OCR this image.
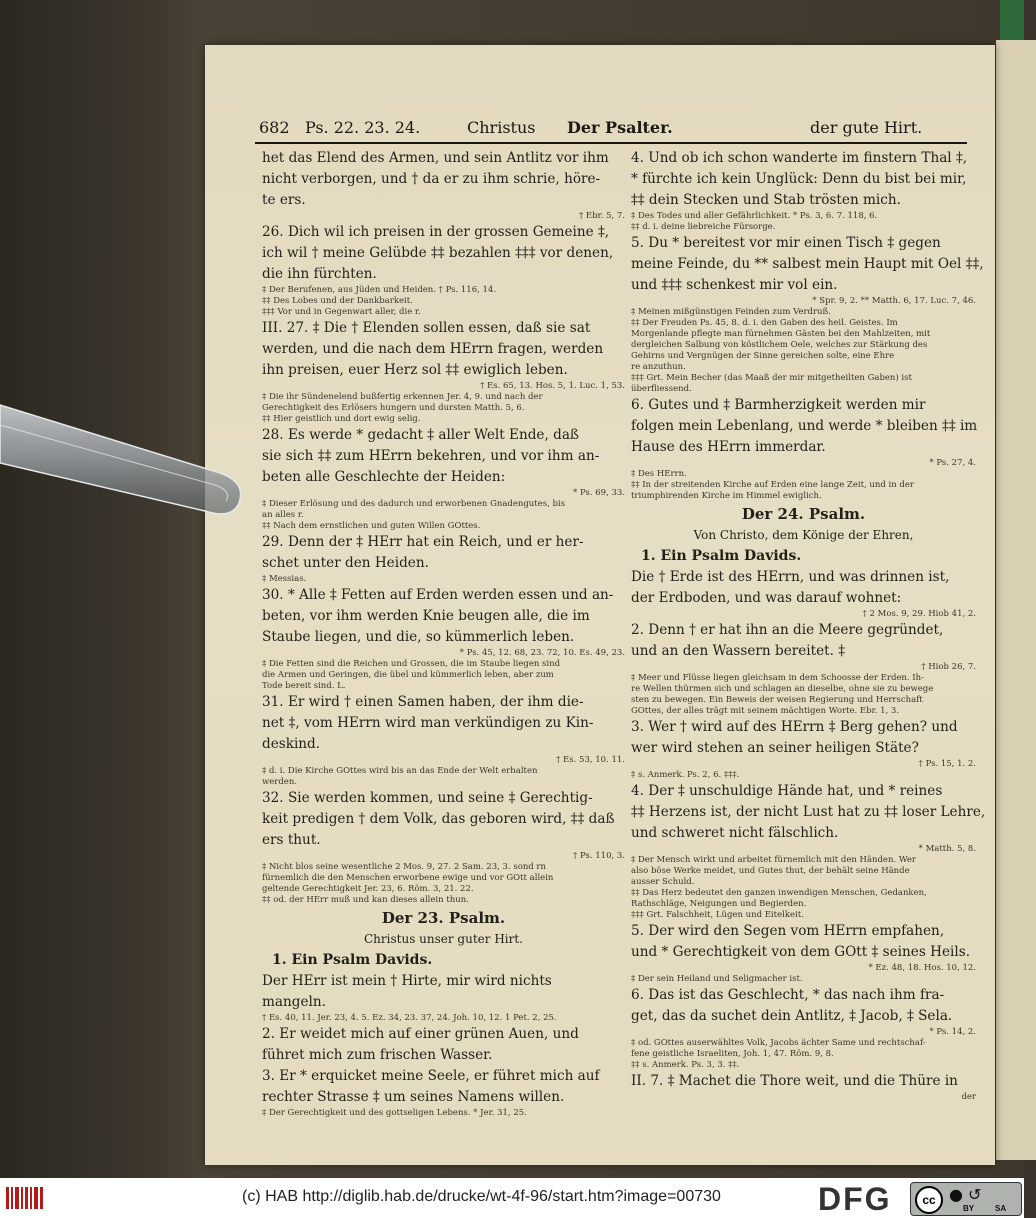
682 Ps. 22. 23. 24.	Christus Der Psalter.	der gute Hirt.
het das Elend des Armen, und sein Antlitz vor ihm
nicht verborgen, und † da er zu ihm schrie, höre-
te ers.
† Ebr. 5, 7.
26. Dich wil ich preisen in der grossen Gemeine ‡,
ich wil † meine Gelübde ‡‡ bezahlen ‡‡‡ vor denen,
die ihn fürchten.
‡ Der Berufenen, aus Jüden und Heiden. † Ps. 116, 14.
‡‡ Des Lobes und der Dankbarkeit.
‡‡‡ Vor und in Gegenwart aller, die r.
III. 27. ‡ Die † Elenden sollen essen, daß sie sat
werden, und die nach dem HErrn fragen, werden
ihn preisen, euer Herz sol ‡‡ ewiglich leben.
† Es. 65, 13. Hos. 5, 1. Luc. 1, 53.
‡ Die ihr Sündenelend bußfertig erkennen Jer. 4, 9. und nach der
Gerechtigkeit des Erlösers hungern und dursten Matth. 5, 6.
‡‡ Hier geistlich und dort ewig selig.
28. Es werde * gedacht ‡ aller Welt Ende, daß
sie sich ‡‡ zum HErrn bekehren, und vor ihm an-
beten alle Geschlechte der Heiden:
* Ps. 69, 33.
‡ Dieser Erlösung und des dadurch und erworbenen Gnadengutes, bis
an alles r.
‡‡ Nach dem ernstlichen und guten Willen GOttes.
29. Denn der ‡ HErr hat ein Reich, und er her-
schet unter den Heiden.
‡ Messias.
30. * Alle ‡ Fetten auf Erden werden essen und an-
beten, vor ihm werden Knie beugen alle, die im
Staube liegen, und die, so kümmerlich leben.
* Ps. 45, 12. 68, 23. 72, 10. Es. 49, 23.
‡ Die Fetten sind die Reichen und Grossen, die im Staube liegen sind
die Armen und Geringen, die übel und kümmerlich leben, aber zum
Tode bereit sind. L.
31. Er wird † einen Samen haben, der ihm die-
net ‡, vom HErrn wird man verkündigen zu Kin-
deskind.
† Es. 53, 10. 11.
‡ d. i. Die Kirche GOttes wird bis an das Ende der Welt erhalten
werden.
32. Sie werden kommen, und seine ‡ Gerechtig-
keit predigen † dem Volk, das geboren wird, ‡‡ daß
ers thut.
† Ps. 110, 3.
‡ Nicht blos seine wesentliche 2 Mos. 9, 27. 2 Sam. 23, 3. sond rn
fürnemlich die den Menschen erworbene ewige und vor GOtt allein
geltende Gerechtigkeit Jer. 23, 6. Röm. 3, 21. 22.
‡‡ od. der HErr muß und kan dieses allein thun.
Der 23. Psalm.
Christus unser guter Hirt.
1. Ein Psalm Davids.
Der HErr ist mein † Hirte, mir wird nichts
mangeln.
† Es. 40, 11. Jer. 23, 4. 5. Ez. 34, 23. 37, 24. Joh. 10, 12. 1 Pet. 2, 25.
2. Er weidet mich auf einer grünen Auen, und
führet mich zum frischen Wasser.
3. Er * erquicket meine Seele, er führet mich auf
rechter Strasse ‡ um seines Namens willen.
‡ Der Gerechtigkeit und des gottseligen Lebens. * Jer. 31, 25.
4. Und ob ich schon wanderte im finstern Thal ‡,
* fürchte ich kein Unglück: Denn du bist bei mir,
‡‡ dein Stecken und Stab trösten mich.
‡ Des Todes und aller Gefährlichkeit. * Ps. 3, 6. 7. 118, 6.
‡‡ d. i. deine liebreiche Fürsorge.
5. Du * bereitest vor mir einen Tisch ‡ gegen
meine Feinde, du ** salbest mein Haupt mit Oel ‡‡,
und ‡‡‡ schenkest mir vol ein.
* Spr. 9, 2. ** Matth. 6, 17. Luc. 7, 46.
‡ Meinen mißgünstigen Feinden zum Verdruß.
‡‡ Der Freuden Ps. 45, 8. d. i. den Gaben des heil. Geistes. Im
Morgenlande pflegte man fürnehmen Gästen bei den Mahlzeiten, mit
dergleichen Salbung von köstlichem Oele, welches zur Stärkung des
Gehirns und Vergnügen der Sinne gereichen solte, eine Ehre
re anzuthun.
‡‡‡ Grt. Mein Becher (das Maaß der mir mitgetheilten Gaben) ist
überfliessend.
6. Gutes und ‡ Barmherzigkeit werden mir
folgen mein Lebenlang, und werde * bleiben ‡‡ im
Hause des HErrn immerdar.
* Ps. 27, 4.
‡ Des HErrn.
‡‡ In der streitenden Kirche auf Erden eine lange Zeit, und in der
triumphirenden Kirche im Himmel ewiglich.
Der 24. Psalm.
Von Christo, dem Könige der Ehren,
1. Ein Psalm Davids.
Die † Erde ist des HErrn, und was drinnen ist,
der Erdboden, und was darauf wohnet:
† 2 Mos. 9, 29. Hiob 41, 2.
2. Denn † er hat ihn an die Meere gegründet,
und an den Wassern bereitet. ‡
† Hiob 26, 7.
‡ Meer und Flüsse liegen gleichsam in dem Schoosse der Erden. Ih-
re Wellen thürmen sich und schlagen an dieselbe, ohne sie zu bewege
sten zu bewegen. Ein Beweis der weisen Regierung und Herrschaft
GOttes, der alles trägt mit seinem mächtigen Worte. Ebr. 1, 3.
3. Wer † wird auf des HErrn ‡ Berg gehen? und
wer wird stehen an seiner heiligen Stäte?
† Ps. 15, 1. 2.
‡ s. Anmerk. Ps. 2, 6. ‡‡‡.
4. Der ‡ unschuldige Hände hat, und * reines
‡‡ Herzens ist, der nicht Lust hat zu ‡‡ loser Lehre,
und schweret nicht fälschlich.
* Matth. 5, 8.
‡ Der Mensch wirkt und arbeitet fürnemlich mit den Händen. Wer
also böse Werke meidet, und Gutes thut, der behält seine Hände
ausser Schuld.
‡‡ Das Herz bedeutet den ganzen inwendigen Menschen, Gedanken,
Rathschläge, Neigungen und Begierden.
‡‡‡ Grt. Falschheit, Lügen und Eitelkeit.
5. Der wird den Segen vom HErrn empfahen,
und * Gerechtigkeit von dem GOtt ‡ seines Heils.
* Ez. 48, 18. Hos. 10, 12.
‡ Der sein Heiland und Seligmacher ist.
6. Das ist das Geschlecht, * das nach ihm fra-
get, das da suchet dein Antlitz, ‡ Jacob, ‡ Sela.
* Ps. 14, 2.
‡ od. GOttes auserwähltes Volk, Jacobs ächter Same und rechtschaf-
fene geistliche Israeliten, Joh. 1, 47. Röm. 9, 8.
‡‡ s. Anmerk. Ps. 3, 3. ‡‡.
II. 7. ‡ Machet die Thore weit, und die Thüre in
der
(c) HAB http://diglib.hab.de/drucke/wt-4f-96/start.htm?image=00730	DFG	cc ● ↺
BY	SA
